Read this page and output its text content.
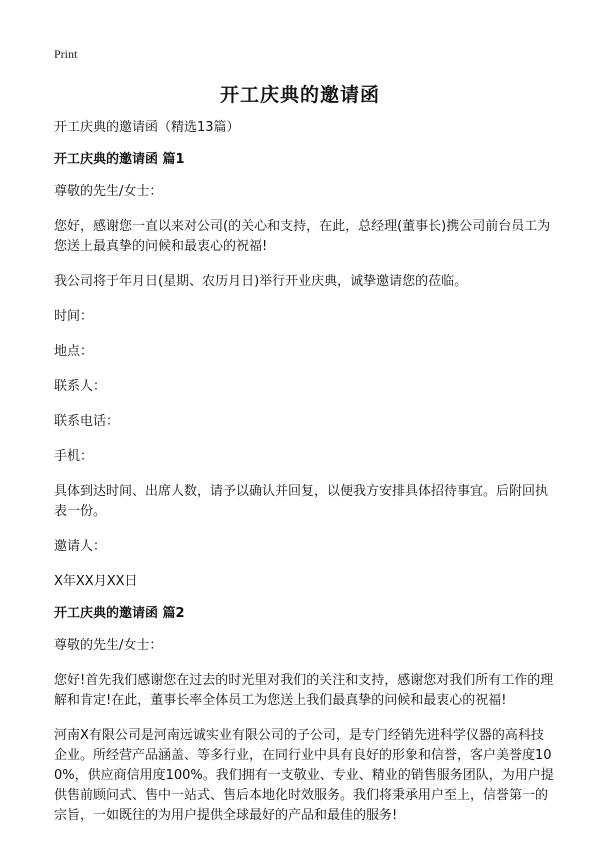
Print
开工庆典的邀请函

开工庆典的邀请函（精选13篇）

开工庆典的邀请函 篇1

尊敬的先生/女士：

您好，感谢您一直以来对公司(的关心和支持，在此，总经理(董事长)携公司前台员工为您送上最真挚的问候和最衷心的祝福!

我公司将于年月日(星期、农历月日)举行开业庆典，诚挚邀请您的莅临。

时间：

地点：

联系人：

联系电话：

手机：

具体到达时间、出席人数，请予以确认并回复，以便我方安排具体招待事宜。后附回执表一份。

邀请人：

X年XX月XX日

开工庆典的邀请函 篇2

尊敬的先生/女士：

您好!首先我们感谢您在过去的时光里对我们的关注和支持，感谢您对我们所有工作的理解和肯定!在此，董事长率全体员工为您送上我们最真挚的问候和最衷心的祝福!

河南X有限公司是河南远诚实业有限公司的子公司，是专门经销先进科学仪器的高科技企业。所经营产品涵盖、等多行业，在同行业中具有良好的形象和信誉，客户美誉度100%，供应商信用度100%。我们拥有一支敬业、专业、精业的销售服务团队，为用户提供售前顾问式、售中一站式、售后本地化时效服务。我们将秉承用户至上，信誉第一的宗旨，一如既往的为用户提供全球最好的产品和最佳的服务!
